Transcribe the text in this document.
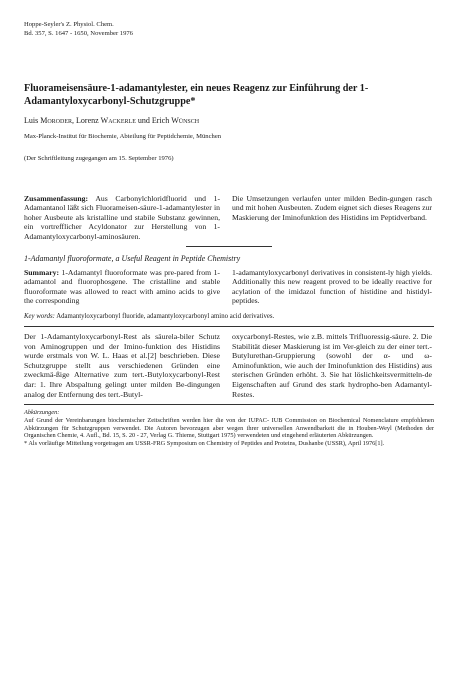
Hoppe-Seyler's Z. Physiol. Chem.
Bd. 357, S. 1647 - 1650, November 1976
Fluorameisensäure-1-adamantylester, ein neues Reagenz zur Einführung der 1-Adamantyloxycarbonyl-Schutzgruppe*
Luis Moroder, Lorenz Wackerle und Erich Wünsch
Max-Planck-Institut für Biochemie, Abteilung für Peptidchemie, München
(Der Schriftleitung zugegangen am 15. September 1976)
Zusammenfassung: Aus Carbonylchloridfluorid und 1-Adamantanol läßt sich Fluorameisen-säure-1-adamantylester in hoher Ausbeute als kristalline und stabile Substanz gewinnen, ein vortrefflicher Acyldonator zur Herstellung von 1-Adamantyloxycarbonyl-aminosäuren.
Die Umsetzungen verlaufen unter milden Bedin-gungen rasch und mit hohen Ausbeuten. Zudem eignet sich dieses Reagens zur Maskierung der Iminofunktion des Histidins im Peptidverband.
1-Adamantyl fluoroformate, a Useful Reagent in Peptide Chemistry
Summary: 1-Adamantyl fluoroformate was pre-pared from 1-adamantol and fluorophosgene. The cristalline and stable fluoroformate was allowed to react with amino acids to give the corresponding
1-adamantyloxycarbonyl derivatives in consistent-ly high yields. Additionally this new reagent proved to be ideally reactive for acylation of the imidazol function of histidine and histidyl-peptides.
Key words: Adamantyloxycarbonyl fluoride, adamantyloxycarbonyl amino acid derivatives.
Der 1-Adamantyloxycarbonyl-Rest als säurela-biler Schutz von Aminogruppen und der Imino-funktion des Histidins wurde erstmals von W. L. Haas et al.[2] beschrieben. Diese Schutzgruppe stellt aus verschiedenen Gründen eine zweckmä-ßige Alternative zum tert.-Butyloxycarbonyl-Rest dar: 1. Ihre Abspaltung gelingt unter milden Be-dingungen analog der Entfernung des tert.-Butyl-
oxycarbonyl-Restes, wie z.B. mittels Trifluoressig-säure. 2. Die Stabilität dieser Maskierung ist im Ver-gleich zu der einer tert.-Butylurethan-Gruppierung (sowohl der α- und ω-Aminofunktion, wie auch der Iminofunktion des Histidins) aus sterischen Gründen erhöht. 3. Sie hat löslichkeitsvermitteln-de Eigenschaften auf Grund des stark hydropho-ben Adamantyl-Restes.
Abkürzungen:
Auf Grund der Vereinbarungen biochemischer Zeitschriften werden hier die von der IUPAC- IUB Commission on Biochemical Nomenclature empfohlenen Abkürzungen für Schutzgruppen verwendet. Die Autoren bevorzugen aber wegen ihrer universellen Anwendbarkeit die in Houben-Weyl (Methoden der Organischen Chemie, 4. Aufl., Bd. 15, S. 20 - 27, Verlag G. Thieme, Stuttgart 1975) verwendeten und eingehend erläuterten Abkürzungen.
* Als vorläufige Mitteilung vorgetragen am USSR-FRG Symposium on Chemistry of Peptides and Proteins, Dushanbe (USSR), April 1976[1].
